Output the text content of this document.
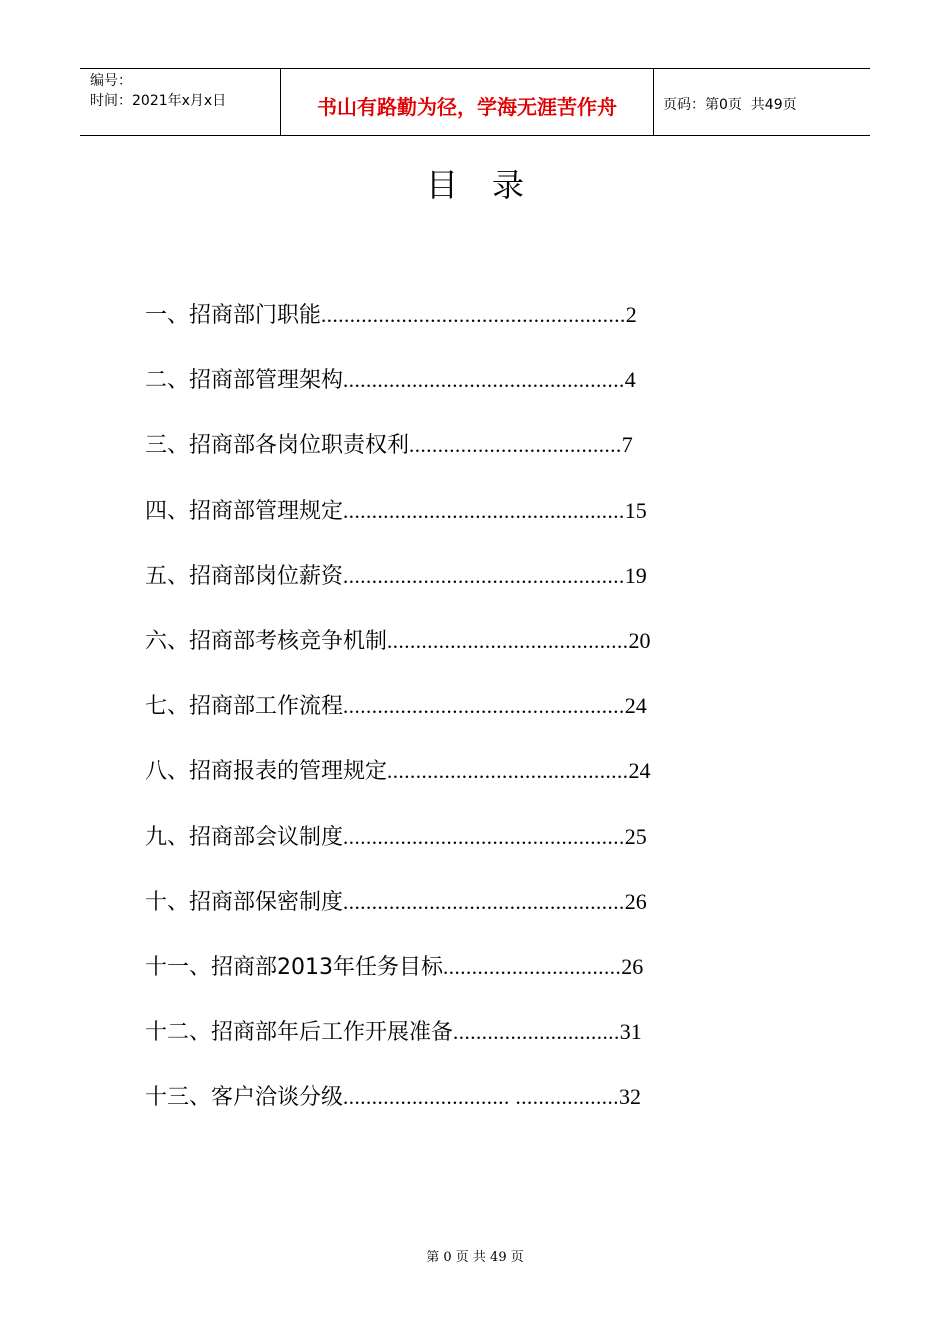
编号：
时间：2021年x月x日	书山有路勤为径，学海无涯苦作舟	页码：第0页  共49页
目录
一、招商部门职能 ..................................................... 2
二、招商部管理架构 ................................................. 4
三、招商部各岗位职责权利 ..................................... 7
四、招商部管理规定 ................................................. 15
五、招商部岗位薪资 ................................................. 19
六、招商部考核竞争机制 .......................................... 20
七、招商部工作流程 ................................................. 24
八、招商报表的管理规定 .......................................... 24
九、招商部会议制度 ................................................. 25
十、招商部保密制度 ................................................. 26
十一、招商部2013年任务目标 ............................... 26
十二、招商部年后工作开展准备 ............................. 31
十三、客户洽谈分级 ............................. .................. 32
第 0 页 共 49 页
